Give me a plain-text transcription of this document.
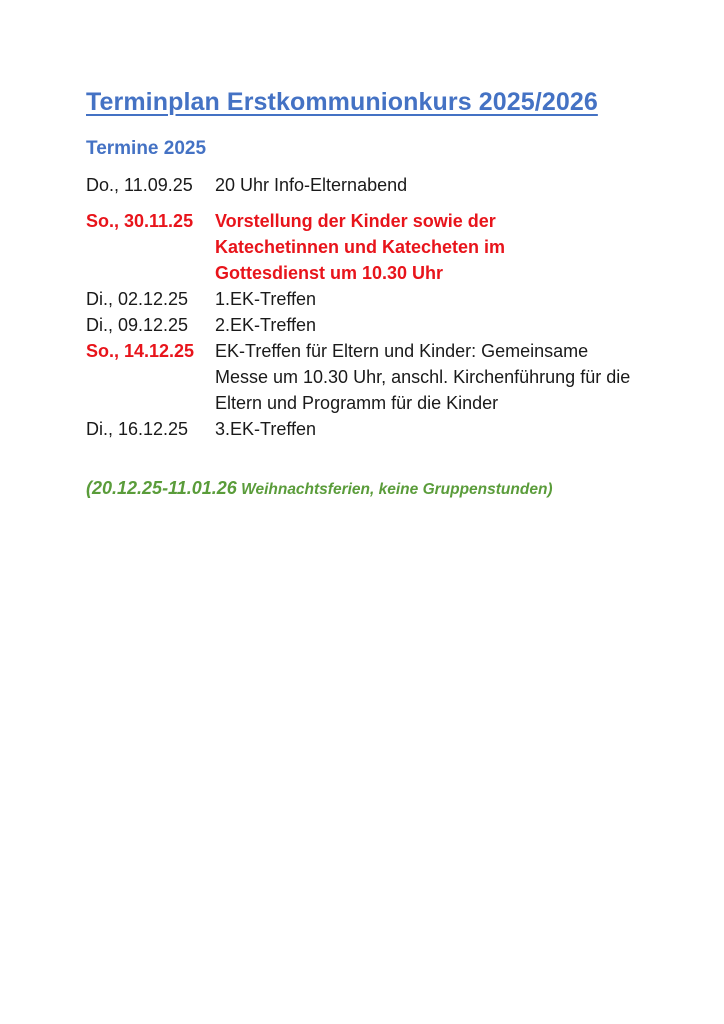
Terminplan Erstkommunionkurs 2025/2026
Termine 2025
Do., 11.09.25	20 Uhr Info-Elternabend
So., 30.11.25	Vorstellung der Kinder sowie der Katechetinnen und Katecheten im Gottesdienst um 10.30 Uhr
Di., 02.12.25	1.EK-Treffen
Di., 09.12.25	2.EK-Treffen
So., 14.12.25	EK-Treffen für Eltern und Kinder: Gemeinsame Messe um 10.30 Uhr, anschl. Kirchenführung für die Eltern und Programm für die Kinder
Di., 16.12.25	3.EK-Treffen
(20.12.25-11.01.26 Weihnachtsferien, keine Gruppenstunden)
